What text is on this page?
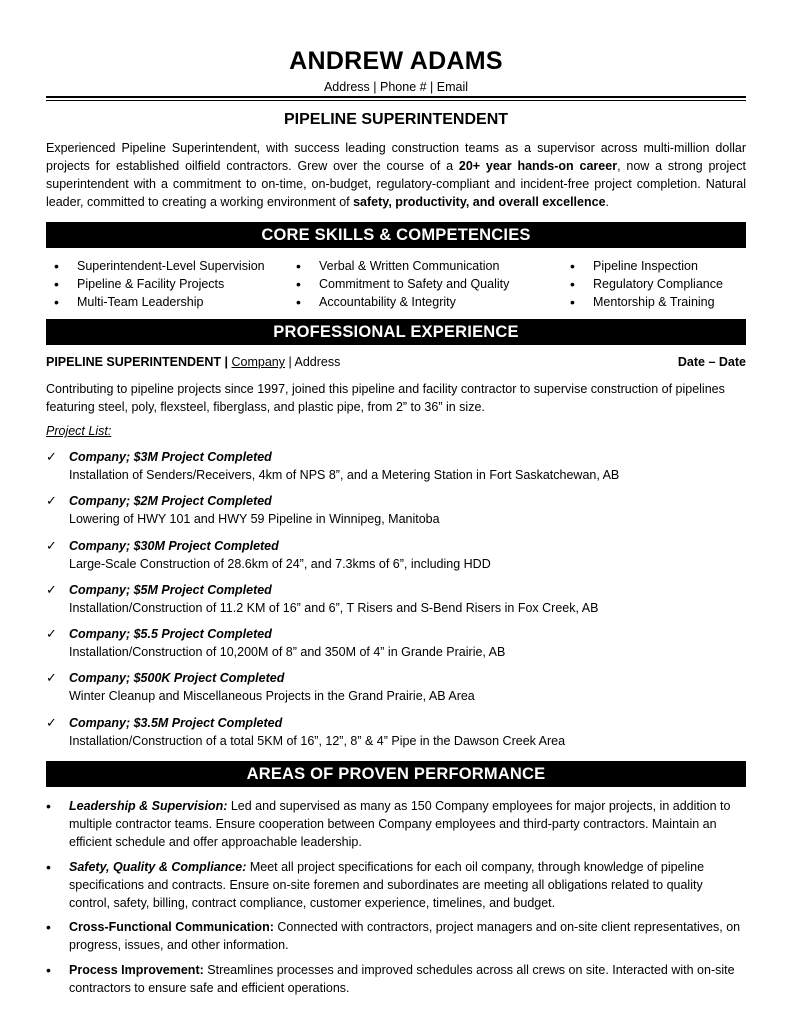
ANDREW ADAMS
Address | Phone # | Email
PIPELINE SUPERINTENDENT
Experienced Pipeline Superintendent, with success leading construction teams as a supervisor across multi-million dollar projects for established oilfield contractors. Grew over the course of a 20+ year hands-on career, now a strong project superintendent with a commitment to on-time, on-budget, regulatory-compliant and incident-free project completion. Natural leader, committed to creating a working environment of safety, productivity, and overall excellence.
CORE SKILLS & COMPETENCIES
• Superintendent-Level Supervision
• Pipeline & Facility Projects
• Multi-Team Leadership
• Verbal & Written Communication
• Commitment to Safety and Quality
• Accountability & Integrity
• Pipeline Inspection
• Regulatory Compliance
• Mentorship & Training
PROFESSIONAL EXPERIENCE
PIPELINE SUPERINTENDENT | Company | Address	Date – Date
Contributing to pipeline projects since 1997, joined this pipeline and facility contractor to supervise construction of pipelines featuring steel, poly, flexsteel, fiberglass, and plastic pipe, from 2” to 36” in size.
Project List:
✓ Company; $3M Project Completed
Installation of Senders/Receivers, 4km of NPS 8”, and a Metering Station in Fort Saskatchewan, AB
✓ Company; $2M Project Completed
Lowering of HWY 101 and HWY 59 Pipeline in Winnipeg, Manitoba
✓ Company; $30M Project Completed
Large-Scale Construction of 28.6km of 24”, and 7.3kms of 6”, including HDD
✓ Company; $5M Project Completed
Installation/Construction of 11.2 KM of 16” and 6”, T Risers and S-Bend Risers in Fox Creek, AB
✓ Company; $5.5 Project Completed
Installation/Construction of 10,200M of 8” and 350M of 4” in Grande Prairie, AB
✓ Company; $500K Project Completed
Winter Cleanup and Miscellaneous Projects in the Grand Prairie, AB Area
✓ Company; $3.5M Project Completed
Installation/Construction of a total 5KM of 16”, 12”, 8” & 4” Pipe in the Dawson Creek Area
AREAS OF PROVEN PERFORMANCE
• Leadership & Supervision: Led and supervised as many as 150 Company employees for major projects, in addition to multiple contractor teams. Ensure cooperation between Company employees and third-party contractors. Maintain an efficient schedule and offer approachable leadership.
• Safety, Quality & Compliance: Meet all project specifications for each oil company, through knowledge of pipeline specifications and contracts. Ensure on-site foremen and subordinates are meeting all obligations related to quality control, safety, billing, contract compliance, customer experience, timelines, and budget.
• Cross-Functional Communication: Connected with contractors, project managers and on-site client representatives, on progress, issues, and other information.
• Process Improvement: Streamlines processes and improved schedules across all crews on site. Interacted with on-site contractors to ensure safe and efficient operations.
